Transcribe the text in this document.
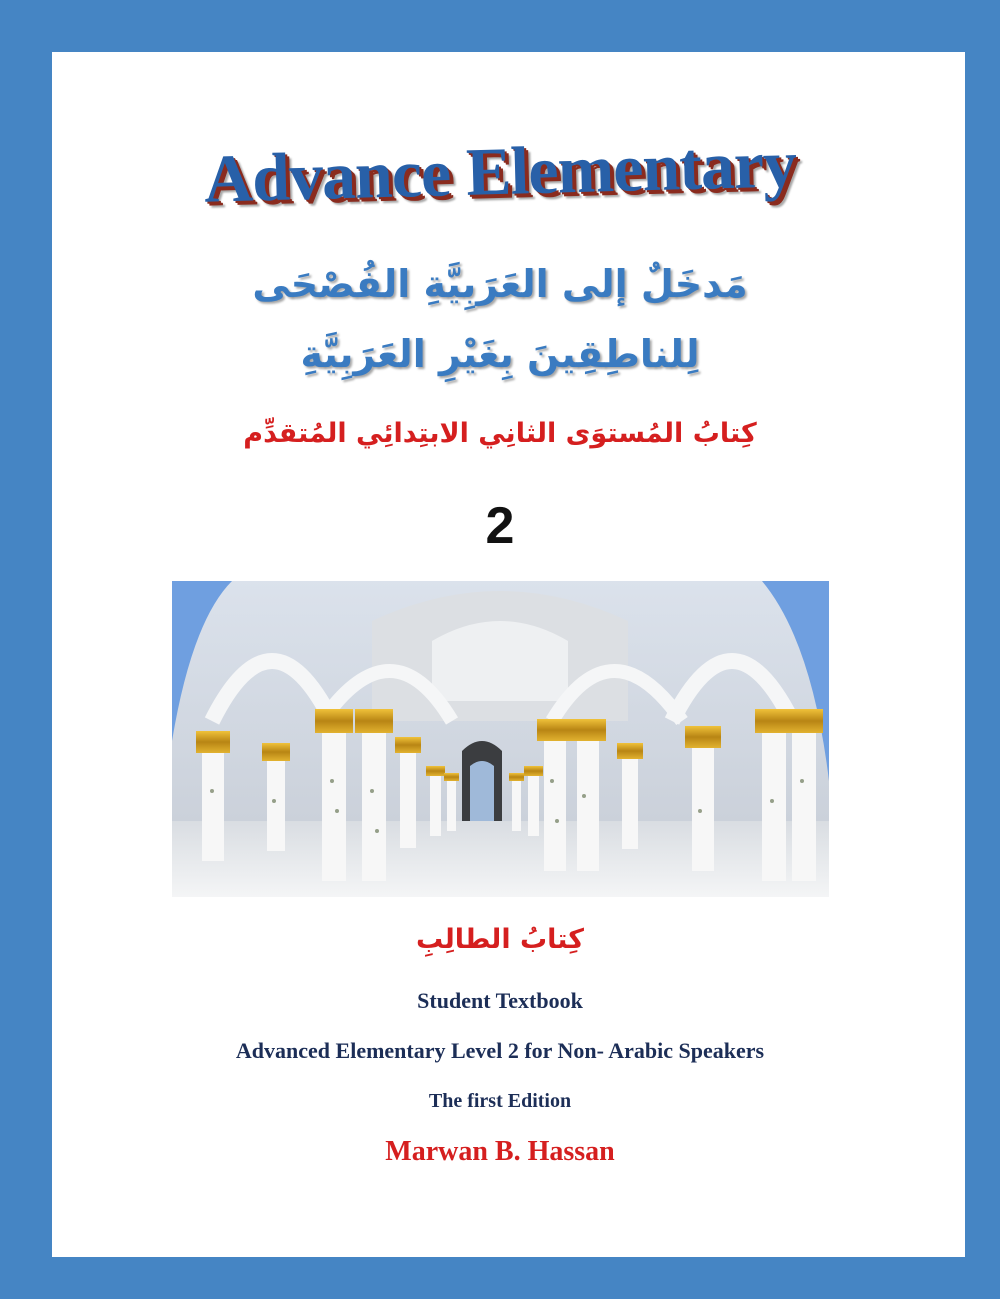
Advance Elementary
مَدخَلٌ إلى العَرَبِيَّةِ الفُصْحَى
لِلناطِقِينَ بِغَيْرِ العَرَبِيَّةِ
كِتابُ المُستوَى الثانِي الابتِدائِي المُتقدِّم
2
كِتابُ الطالِبِ
Student Textbook
Advanced Elementary Level 2 for Non- Arabic Speakers
The first Edition
Marwan B. Hassan
